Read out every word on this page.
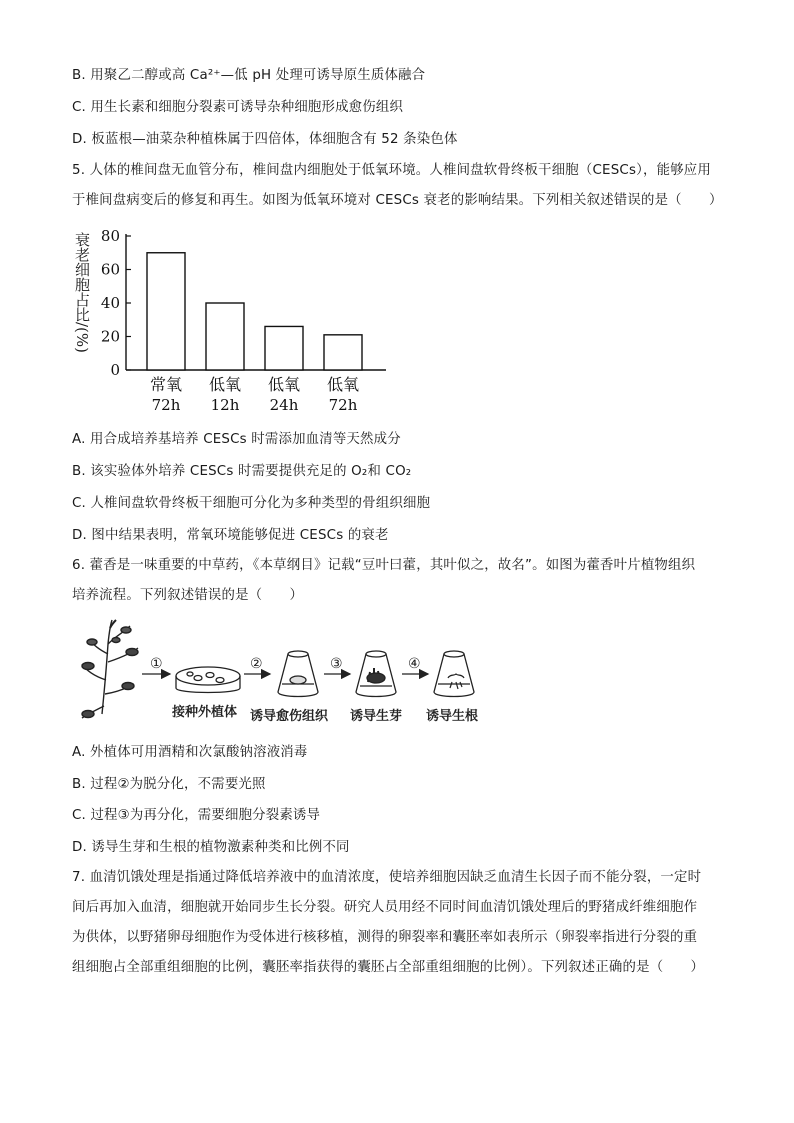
B. 用聚乙二醇或高 Ca²⁺—低 pH 处理可诱导原生质体融合
C. 用生长素和细胞分裂素可诱导杂种细胞形成愈伤组织
D. 板蓝根—油菜杂种植株属于四倍体，体细胞含有 52 条染色体
5. 人体的椎间盘无血管分布，椎间盘内细胞处于低氧环境。人椎间盘软骨终板干细胞（CESCs），能够应用
于椎间盘病变后的修复和再生。如图为低氧环境对 CESCs 衰老的影响结果。下列相关叙述错误的是（　　）
衰老细胞占比/(%)
0
20
40
60
80
常氧
72h
低氧
12h
低氧
24h
低氧
72h
A. 用合成培养基培养 CESCs 时需添加血清等天然成分
B. 该实验体外培养 CESCs 时需要提供充足的 O₂和 CO₂
C. 人椎间盘软骨终板干细胞可分化为多种类型的骨组织细胞
D. 图中结果表明，常氧环境能够促进 CESCs 的衰老
6. 藿香是一味重要的中草药，《本草纲目》记载“豆叶曰藿，其叶似之，故名”。如图为藿香叶片植物组织
培养流程。下列叙述错误的是（　　）
①	②	③	④
接种外植体 诱导愈伤组织 诱导生芽 诱导生根
A. 外植体可用酒精和次氯酸钠溶液消毒
B. 过程②为脱分化，不需要光照
C. 过程③为再分化，需要细胞分裂素诱导
D. 诱导生芽和生根的植物激素种类和比例不同
7. 血清饥饿处理是指通过降低培养液中的血清浓度，使培养细胞因缺乏血清生长因子而不能分裂，一定时
间后再加入血清，细胞就开始同步生长分裂。研究人员用经不同时间血清饥饿处理后的野猪成纤维细胞作
为供体，以野猪卵母细胞作为受体进行核移植，测得的卵裂率和囊胚率如表所示（卵裂率指进行分裂的重
组细胞占全部重组细胞的比例，囊胚率指获得的囊胚占全部重组细胞的比例）。下列叙述正确的是（　　）
